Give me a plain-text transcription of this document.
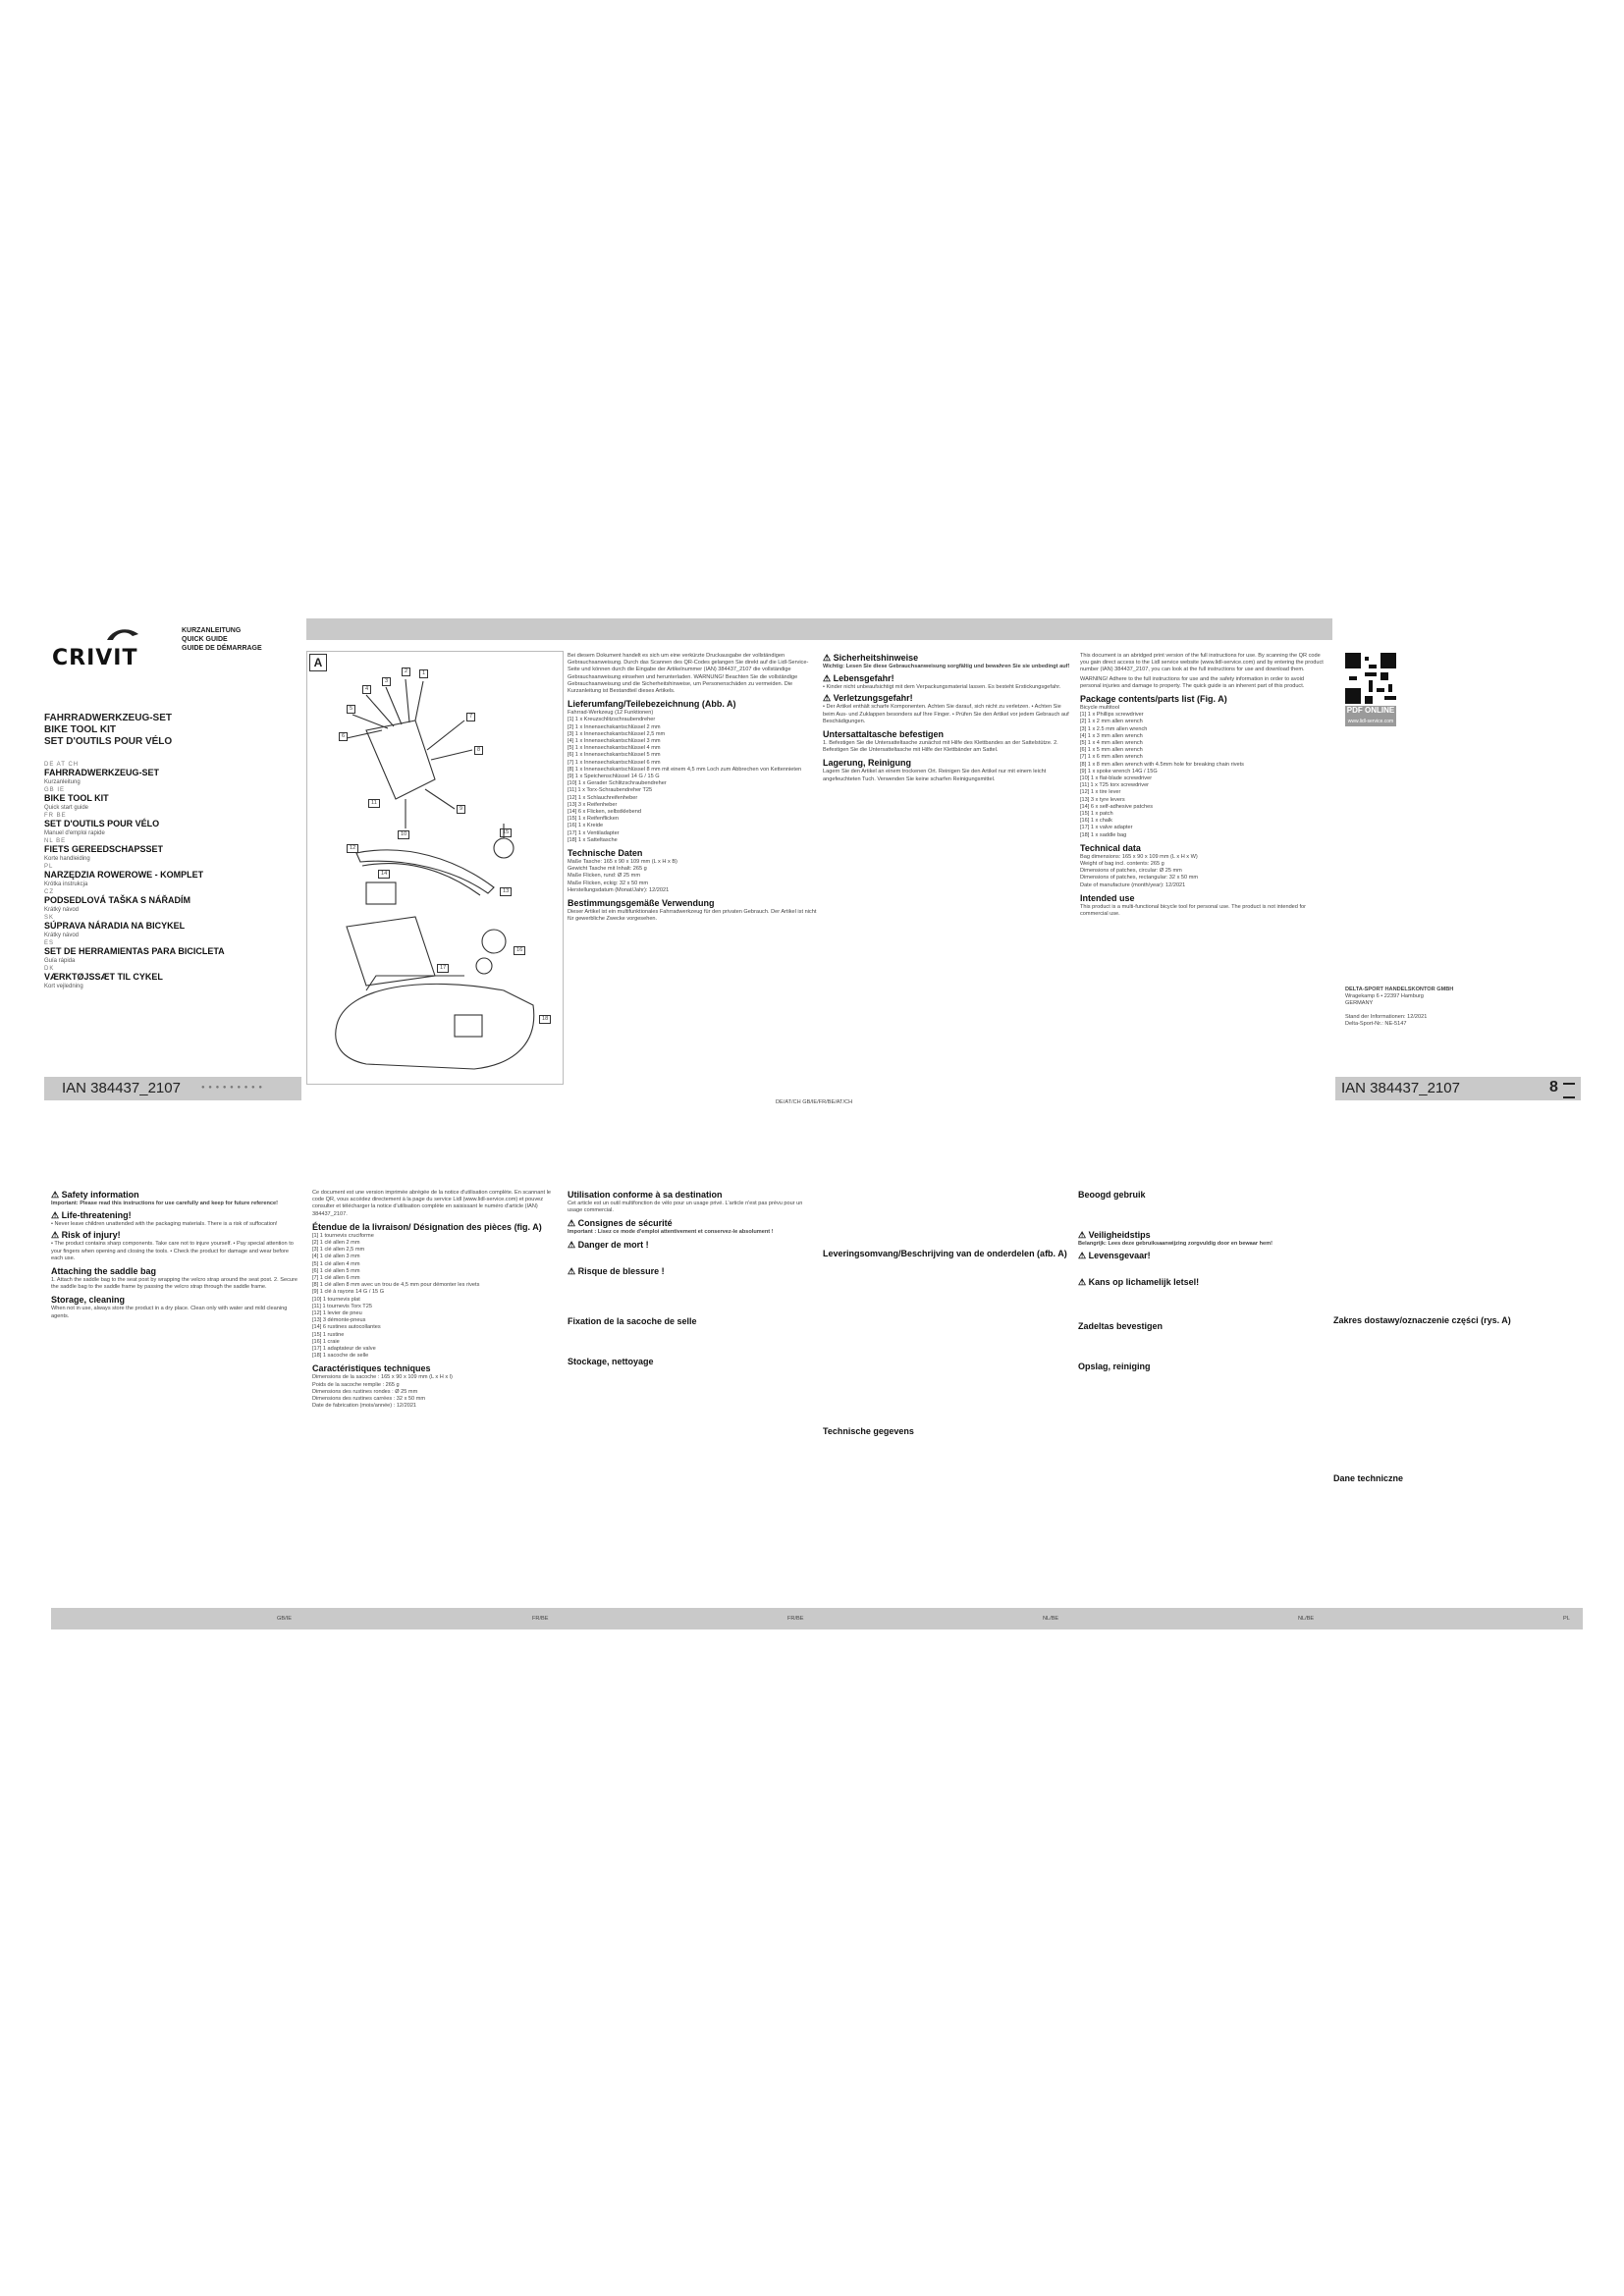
CRIVIT
KURZANLEITUNG
QUICK GUIDE
GUIDE DE DÉMARRAGE
FAHRRADWERKZEUG-SET
BIKE TOOL KIT
SET D'OUTILS POUR VÉLO
DE AT CH
FAHRRADWERKZEUG-SET
Kurzanleitung
GB IE
BIKE TOOL KIT
Quick start guide
FR BE
SET D'OUTILS POUR VÉLO
Manuel d'emploi rapide
NL BE
FIETS GEREEDSCHAPSSET
Korte handleiding
PL
NARZĘDZIA ROWEROWE - KOMPLET
Krótka instrukcja
CZ
PODSEDLOVÁ TAŠKA S NÁŘADÍM
Krátký návod
SK
SÚPRAVA NÁRADIA NA BICYKEL
Krátky návod
ES
SET DE HERRAMIENTAS PARA BICICLETA
Guía rápida
DK
VÆRKTØJSSÆT TIL CYKEL
Kort vejledning
IAN 384437_2107	● ● ● ● ● ● ● ● ●
A
1
2
3
4
5
6
7
8
9
10
11
12
13
14
15
16
17
18

Bei diesem Dokument handelt es sich um eine verkürzte Druckausgabe der vollständigen Gebrauchsanweisung. Durch das Scannen des QR-Codes gelangen Sie direkt auf die Lidl-Service-Seite und können durch die Eingabe der Artikelnummer (IAN) 384437_2107 die vollständige Gebrauchsanweisung einsehen und herunterladen. WARNUNG! Beachten Sie die vollständige Gebrauchsanweisung und die Sicherheitshinweise, um Personenschäden zu vermeiden. Die Kurzanleitung ist Bestandteil dieses Artikels.

Lieferumfang/Teilebezeichnung (Abb. A)
Fahrrad-Werkzeug (12 Funktionen)
[1] 1 x Kreuzschlitzschraubendreher
[2] 1 x Innensechskantschlüssel 2 mm
[3] 1 x Innensechskantschlüssel 2,5 mm
[4] 1 x Innensechskantschlüssel 3 mm
[5] 1 x Innensechskantschlüssel 4 mm
[6] 1 x Innensechskantschlüssel 5 mm
[7] 1 x Innensechskantschlüssel 6 mm
[8] 1 x Innensechskantschlüssel 8 mm mit einem 4,5 mm Loch zum Abbrechen von Kettennieten
[9] 1 x Speichenschlüssel 14 G / 15 G
[10] 1 x Gerader Schlitzschraubendreher
[11] 1 x Torx-Schraubendreher T25
[12] 1 x Schlauchreifenheber
[13] 3 x Reifenheber
[14] 6 x Flicken, selbstklebend
[15] 1 x Reifenflicken
[16] 1 x Kreide
[17] 1 x Ventiladapter
[18] 1 x Satteltasche
Technische Daten
Maße Tasche: 165 x 90 x 109 mm (L x H x B)
Gewicht Tasche mit Inhalt: 265 g
Maße Flicken, rund: Ø 25 mm
Maße Flicken, eckig: 32 x 50 mm
Herstellungsdatum (Monat/Jahr): 12/2021
Bestimmungsgemäße Verwendung

Dieser Artikel ist ein multifunktionales Fahrradwerkzeug für den privaten Gebrauch. Der Artikel ist nicht für gewerbliche Zwecke vorgesehen.

⚠ Sicherheitshinweise
Wichtig: Lesen Sie diese Gebrauchsanweisung sorgfältig und bewahren Sie sie unbedingt auf!
⚠ Lebensgefahr!

• Kinder nicht unbeaufsichtigt mit dem Verpackungsmaterial lassen. Es besteht Erstickungsgefahr.

⚠ Verletzungsgefahr!

• Der Artikel enthält scharfe Komponenten. Achten Sie darauf, sich nicht zu verletzen. • Achten Sie beim Aus- und Zuklappen besonders auf Ihre Finger. • Prüfen Sie den Artikel vor jedem Gebrauch auf Beschädigungen.

Untersattaltasche befestigen

1. Befestigen Sie die Untersatteltasche zunächst mit Hilfe des Klettbandes an der Sattelstütze. 2. Befestigen Sie die Untersatteltasche mit Hilfe der Klettbänder am Sattel.

Lagerung, Reinigung

Lagern Sie den Artikel an einem trockenen Ort. Reinigen Sie den Artikel nur mit einem leicht angefeuchteten Tuch. Verwenden Sie keine scharfen Reinigungsmittel.

This document is an abridged print version of the full instructions for use. By scanning the QR code you gain direct access to the Lidl service website (www.lidl-service.com) and by entering the product number (IAN) 384437_2107, you can look at the full instructions for use and download them.

WARNING! Adhere to the full instructions for use and the safety information in order to avoid personal injuries and damage to property. The quick guide is an inherent part of this product.

Package contents/parts list (Fig. A)
Bicycle multitool
[1] 1 x Phillips screwdriver
[2] 1 x 2 mm allen wrench
[3] 1 x 2.5 mm allen wrench
[4] 1 x 3 mm allen wrench
[5] 1 x 4 mm allen wrench
[6] 1 x 5 mm allen wrench
[7] 1 x 6 mm allen wrench
[8] 1 x 8 mm allen wrench with 4.5mm hole for breaking chain rivets
[9] 1 x spoke wrench 14G / 15G
[10] 1 x flat-blade screwdriver
[11] 1 x T25 torx screwdriver
[12] 1 x tire lever
[13] 3 x tyre levers
[14] 6 x self-adhesive patches
[15] 1 x patch
[16] 1 x chalk
[17] 1 x valve adapter
[18] 1 x saddle bag
Technical data
Bag dimensions: 165 x 90 x 109 mm (L x H x W)
Weight of bag incl. contents: 265 g
Dimensions of patches, circular: Ø 25 mm
Dimensions of patches, rectangular: 32 x 50 mm
Date of manufacture (month/year): 12/2021
Intended use

This product is a multi-functional bicycle tool for personal use. The product is not intended for commercial use.

PDF ONLINE
www.lidl-service.com
DELTA-SPORT HANDELSKONTOR GMBH
Wragekamp 6 • 22397 Hamburg
GERMANY
Stand der Informationen: 12/2021
Delta-Sport-Nr.: NE-5147
IAN 384437_2107	8
DE/AT/CH GB/IE/FR/BE/AT/CH
⚠ Safety information
Important: Please read this instructions for use carefully and keep for future reference!
⚠ Life-threatening!

• Never leave children unattended with the packaging materials. There is a risk of suffocation!

⚠ Risk of injury!

• The product contains sharp components. Take care not to injure yourself. • Pay special attention to your fingers when opening and closing the tools. • Check the product for damage and wear before each use.

Attaching the saddle bag

1. Attach the saddle bag to the seat post by wrapping the velcro strap around the seat post. 2. Secure the saddle bag to the saddle frame by passing the velcro strap through the saddle frame.

Storage, cleaning

When not in use, always store the product in a dry place. Clean only with water and mild cleaning agents.

Ce document est une version imprimée abrégée de la notice d'utilisation complète. En scannant le code QR, vous accédez directement à la page du service Lidl (www.lidl-service.com) et pouvez consulter et télécharger la notice d'utilisation complète en saisissant le numéro d'article (IAN) 384437_2107.

Étendue de la livraison/ Désignation des pièces (fig. A)
[1] 1 tournevis cruciforme
[2] 1 clé allen 2 mm
[3] 1 clé allen 2,5 mm
[4] 1 clé allen 3 mm
[5] 1 clé allen 4 mm
[6] 1 clé allen 5 mm
[7] 1 clé allen 6 mm
[8] 1 clé allen 8 mm avec un trou de 4,5 mm pour démonter les rivets
[9] 1 clé à rayons 14 G / 15 G
[10] 1 tournevis plat
[11] 1 tournevis Torx T25
[12] 1 levier de pneu
[13] 3 démonte-pneus
[14] 6 rustines autocollantes
[15] 1 rustine
[16] 1 craie
[17] 1 adaptateur de valve
[18] 1 sacoche de selle
Caractéristiques techniques
Dimensions de la sacoche : 165 x 90 x 109 mm (L x H x l)
Poids de la sacoche remplie : 265 g
Dimensions des rustines rondes : Ø 25 mm
Dimensions des rustines carrées : 32 x 50 mm
Date de fabrication (mois/année) : 12/2021
Utilisation conforme à sa destination

Cet article est un outil multifonction de vélo pour un usage privé. L'article n'est pas prévu pour un usage commercial.

⚠ Consignes de sécurité
Important : Lisez ce mode d'emploi attentivement et conservez-le absolument !
⚠ Danger de mort !
⚠ Risque de blessure !
Fixation de la sacoche de selle
Stockage, nettoyage
Leveringsomvang/Beschrijving van de onderdelen (afb. A)
Technische gegevens
Beoogd gebruik
⚠ Veiligheidstips
Belangrijk: Lees deze gebruiksaanwijzing zorgvuldig door en bewaar hem!
⚠ Levensgevaar!
⚠ Kans op lichamelijk letsel!
Zadeltas bevestigen
Opslag, reiniging
Zakres dostawy/oznaczenie części (rys. A)
Dane techniczne
GB/IE	FR/BE	FR/BE	NL/BE	NL/BE	PL
